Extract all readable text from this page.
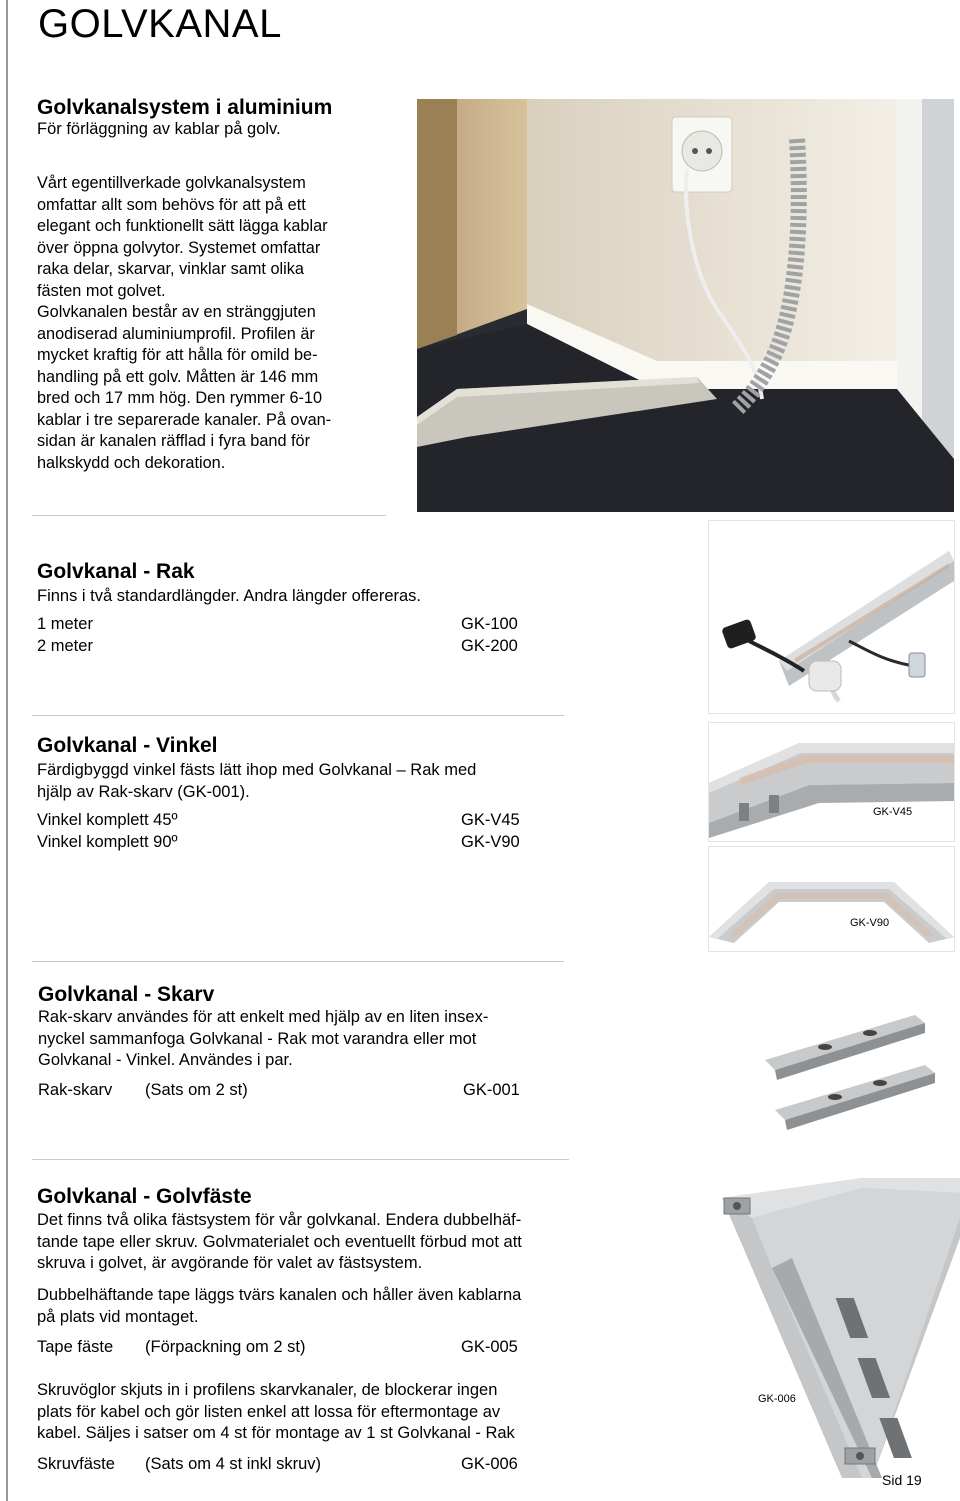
GOLVKANAL
Golvkanalsystem i aluminium
För förläggning av kablar på golv.
Vårt egentillverkade golvkanalsystem
omfattar allt som behövs för att på ett
elegant och funktionellt sätt lägga kablar
över öppna golvytor. Systemet omfattar
raka delar, skarvar, vinklar samt olika
fästen mot golvet.
Golvkanalen består av en stränggjuten
anodiserad aluminiumprofil. Profilen är
mycket kraftig för att hålla för omild be-
handling på ett golv. Måtten är 146 mm
bred och 17 mm hög. Den rymmer 6-10
kablar i tre separerade kanaler. På ovan-
sidan är kanalen räfflad i fyra band för
halkskydd och dekoration.
Golvkanal - Rak
Finns i två standardlängder. Andra längder offereras.
1 meter	GK-100
2 meter	GK-200
Golvkanal - Vinkel
Färdigbyggd vinkel fästs lätt ihop med Golvkanal – Rak med
hjälp av Rak-skarv (GK-001).
Vinkel komplett 45º	GK-V45
Vinkel komplett 90º	GK-V90
GK-V45
GK-V90
Golvkanal - Skarv
Rak-skarv användes för att enkelt med hjälp av en liten insex-
nyckel sammanfoga Golvkanal - Rak mot varandra eller mot
Golvkanal - Vinkel. Användes i par.
Rak-skarv (Sats om 2 st)	GK-001
Golvkanal - Golvfäste
Det finns två olika fästsystem för vår golvkanal. Endera dubbelhäf-
tande tape eller skruv. Golvmaterialet och eventuellt förbud mot att
skruva i golvet, är avgörande för valet av fästsystem.
Dubbelhäftande tape läggs tvärs kanalen och håller även kablarna
på plats vid montaget.
Tape fäste (Förpackning om 2 st)	GK-005
Skruvöglor skjuts in i profilens skarvkanaler, de blockerar ingen
plats för kabel och gör listen enkel att lossa för eftermontage av
kabel. Säljes i satser om 4 st för montage av 1 st Golvkanal - Rak
Skruvfäste (Sats om 4 st inkl skruv)	GK-006
GK-006
Sid 19
